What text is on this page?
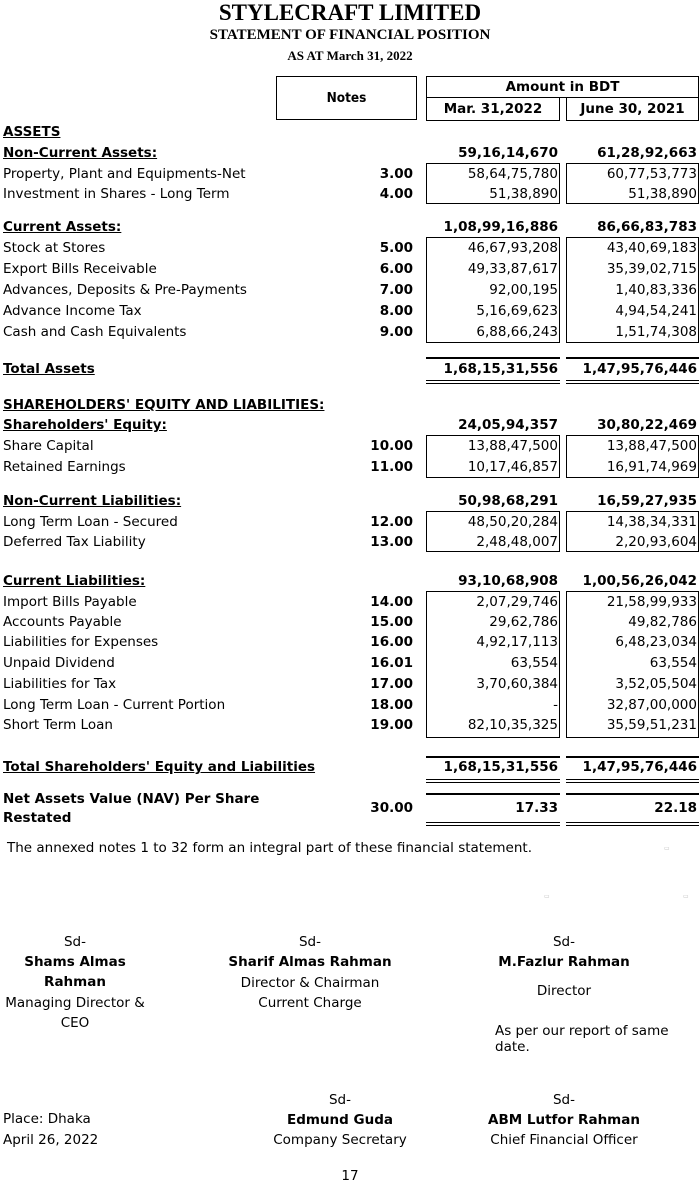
STYLECRAFT LIMITED
STATEMENT OF FINANCIAL POSITION
AS AT March 31, 2022
Notes
Amount in BDT
Mar. 31,2022	June 30, 2021
ASSETS
Non-Current Assets:	59,16,14,670	61,28,92,663
Property, Plant and Equipments-Net	3.00	58,64,75,780	60,77,53,773
Investment in Shares - Long Term	4.00	51,38,890	51,38,890
Current Assets:	1,08,99,16,886	86,66,83,783
Stock at Stores	5.00	46,67,93,208	43,40,69,183
Export Bills Receivable	6.00	49,33,87,617	35,39,02,715
Advances, Deposits & Pre-Payments	7.00	92,00,195	1,40,83,336
Advance Income Tax	8.00	5,16,69,623	4,94,54,241
Cash and Cash Equivalents	9.00	6,88,66,243	1,51,74,308
Total Assets	1,68,15,31,556	1,47,95,76,446
SHAREHOLDERS' EQUITY AND LIABILITIES:
Shareholders' Equity:	24,05,94,357	30,80,22,469
Share Capital	10.00	13,88,47,500	13,88,47,500
Retained Earnings	11.00	10,17,46,857	16,91,74,969
Non-Current Liabilities:	50,98,68,291	16,59,27,935
Long Term Loan - Secured	12.00	48,50,20,284	14,38,34,331
Deferred Tax Liability	13.00	2,48,48,007	2,20,93,604
Current Liabilities:	93,10,68,908	1,00,56,26,042
Import Bills Payable	14.00	2,07,29,746	21,58,99,933
Accounts Payable	15.00	29,62,786	49,82,786
Liabilities for Expenses	16.00	4,92,17,113	6,48,23,034
Unpaid Dividend	16.01	63,554	63,554
Liabilities for Tax	17.00	3,70,60,384	3,52,05,504
Long Term Loan - Current Portion	18.00	-	32,87,00,000
Short Term Loan	19.00	82,10,35,325	35,59,51,231
Total Shareholders' Equity and Liabilities	1,68,15,31,556	1,47,95,76,446
Net Assets Value (NAV) Per Share
Restated
30.00	17.33	22.18
The annexed notes 1 to 32 form an integral part of these financial statement.	▭
▭	▭
Sd-
Shams Almas Rahman
Managing Director & CEO
Sd-
Sharif Almas Rahman
Director & Chairman Current Charge
Sd-
M.Fazlur Rahman
Director
As per our report of same date.
Place: Dhaka
April 26, 2022
Sd-
Edmund Guda
Company Secretary
Sd-
ABM Lutfor Rahman
Chief Financial Officer
17
